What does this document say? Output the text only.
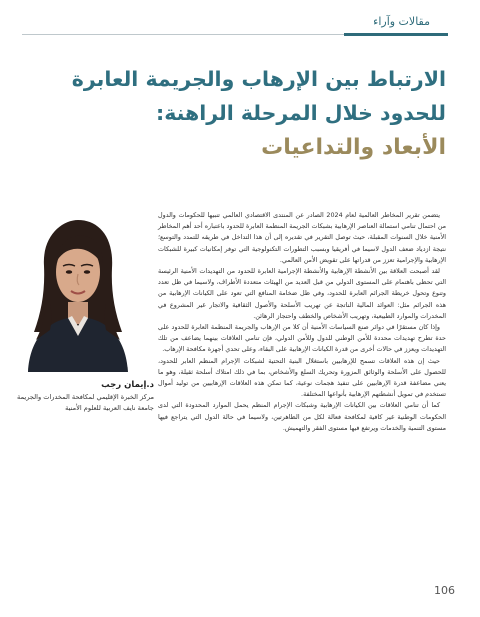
مقالات وآراء
الارتباط بين الإرهاب والجريمة العابرة
للحدود خلال المرحلة الراهنة:
الأبعاد والتداعيات
د.إيمان رجب
مركز الخبرة الإقليمي لمكافحة المخدرات والجريمة
جامعة نايف العربية للعلوم الأمنية

يتضمن تقرير المخاطر العالمية لعام 2024 الصادر عن المنتدى الاقتصادي العالمي تنبيها للحكومات والدول من احتمال تنامي استمالة العناصر الإرهابية بشبكات الجريمة المنظمة العابرة للحدود باعتباره أحد أهم المخاطر الأمنية خلال السنوات المقبلة، حيث توصل التقرير في تقديره إلى أن هذا التداخل في طريقه للتمدد والتوسع؛ نتيجة ازدياد ضعف الدول لاسيما في أفريقيا وبسبب التطورات التكنولوجية التي توفر إمكانيات كبيرة للشبكات الإرهابية والإجرامية تعزز من قدراتها على تقويض الأمن العالمي.

لقد أصبحت العلاقة بين الأنشطة الإرهابية والأنشطة الإجرامية العابرة للحدود من التهديدات الأمنية الرئيسة التي تحظى باهتمام على المستوى الدولي من قبل العديد من الهيئات متعددة الأطراف، ولاسيما في ظل تعدد وتنوع وتحول خريطة الجرائم العابرة للحدود، وفي ظل ضخامة المنافع التي تعود على الكيانات الإرهابية من هذه الجرائم مثل: العوائد المالية الناتجة عن تهريب الأسلحة والأصول الثقافية والاتجار غير المشروع في المخدرات والموارد الطبيعية، وتهريب الأشخاص والخطف واحتجاز الرهائن.

وإذا كان مستقرًا في دوائر صنع السياسات الأمنية أن كلا من الإرهاب والجريمة المنظمة العابرة للحدود على حدة تطرح تهديدات محددة للأمن الوطني للدول وللأمن الدولي، فإن تنامي العلاقات بينهما يضاعف من تلك التهديدات ويعزز في حالات أخرى من قدرة الكيانات الإرهابية على البقاء، وعلى تحدي أجهزة مكافحة الإرهاب.

حيث إن هذه العلاقات تسمح للإرهابيين باستغلال البنية التحتية لشبكات الإجرام المنظم العابر للحدود، للحصول على الأسلحة والوثائق المزورة وتحريك السلع والأشخاص، بما في ذلك امتلاك أسلحة ثقيلة، وهو ما يعني مضاعفة قدرة الإرهابيين على تنفيذ هجمات نوعية، كما تمكن هذه العلاقات الإرهابيين من توليد أموال تستخدم في تمويل أنشطتهم الإرهابية بأنواعها المختلفة.

كما أن تنامي العلاقات بين الكيانات الإرهابية وشبكات الإجرام المنظم يحمل الموارد المحدودة التي لدى الحكومات الوطنية غير كافية لمكافحة فعالة لكل من الظاهرتين، ولاسيما في حالة الدول التي يتراجع فيها مستوى التنمية والخدمات ويرتفع فيها مستوى الفقر والتهميش.

106
